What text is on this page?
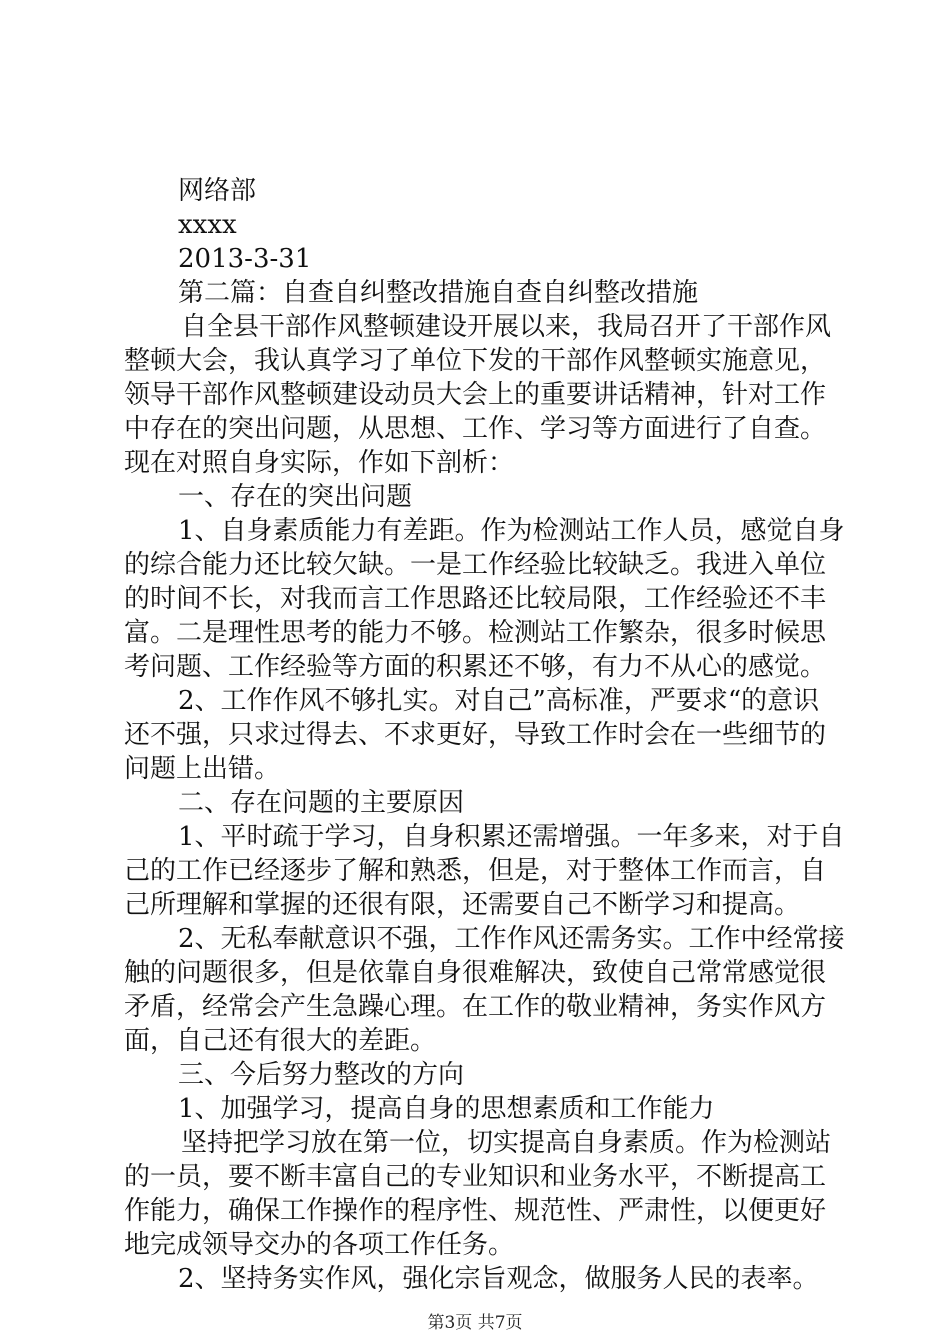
网络部
xxxx
2013-3-31
第二篇：自查自纠整改措施自查自纠整改措施
自全县干部作风整顿建设开展以来，我局召开了干部作风
整顿大会，我认真学习了单位下发的干部作风整顿实施意见，
领导干部作风整顿建设动员大会上的重要讲话精神，针对工作
中存在的突出问题，从思想、工作、学习等方面进行了自查。
现在对照自身实际，作如下剖析：
一、存在的突出问题
1、自身素质能力有差距。作为检测站工作人员，感觉自身
的综合能力还比较欠缺。一是工作经验比较缺乏。我进入单位
的时间不长，对我而言工作思路还比较局限，工作经验还不丰
富。二是理性思考的能力不够。检测站工作繁杂，很多时候思
考问题、工作经验等方面的积累还不够，有力不从心的感觉。
2、工作作风不够扎实。对自己”高标准，严要求“的意识
还不强，只求过得去、不求更好，导致工作时会在一些细节的
问题上出错。
二、存在问题的主要原因
1、平时疏于学习，自身积累还需增强。一年多来，对于自
己的工作已经逐步了解和熟悉，但是，对于整体工作而言，自
己所理解和掌握的还很有限，还需要自己不断学习和提高。
2、无私奉献意识不强，工作作风还需务实。工作中经常接
触的问题很多，但是依靠自身很难解决，致使自己常常感觉很
矛盾，经常会产生急躁心理。在工作的敬业精神，务实作风方
面，自己还有很大的差距。
三、今后努力整改的方向
1、加强学习，提高自身的思想素质和工作能力
坚持把学习放在第一位，切实提高自身素质。作为检测站
的一员，要不断丰富自己的专业知识和业务水平，不断提高工
作能力，确保工作操作的程序性、规范性、严肃性，以便更好
地完成领导交办的各项工作任务。
2、坚持务实作风，强化宗旨观念，做服务人民的表率。
第3页 共7页
